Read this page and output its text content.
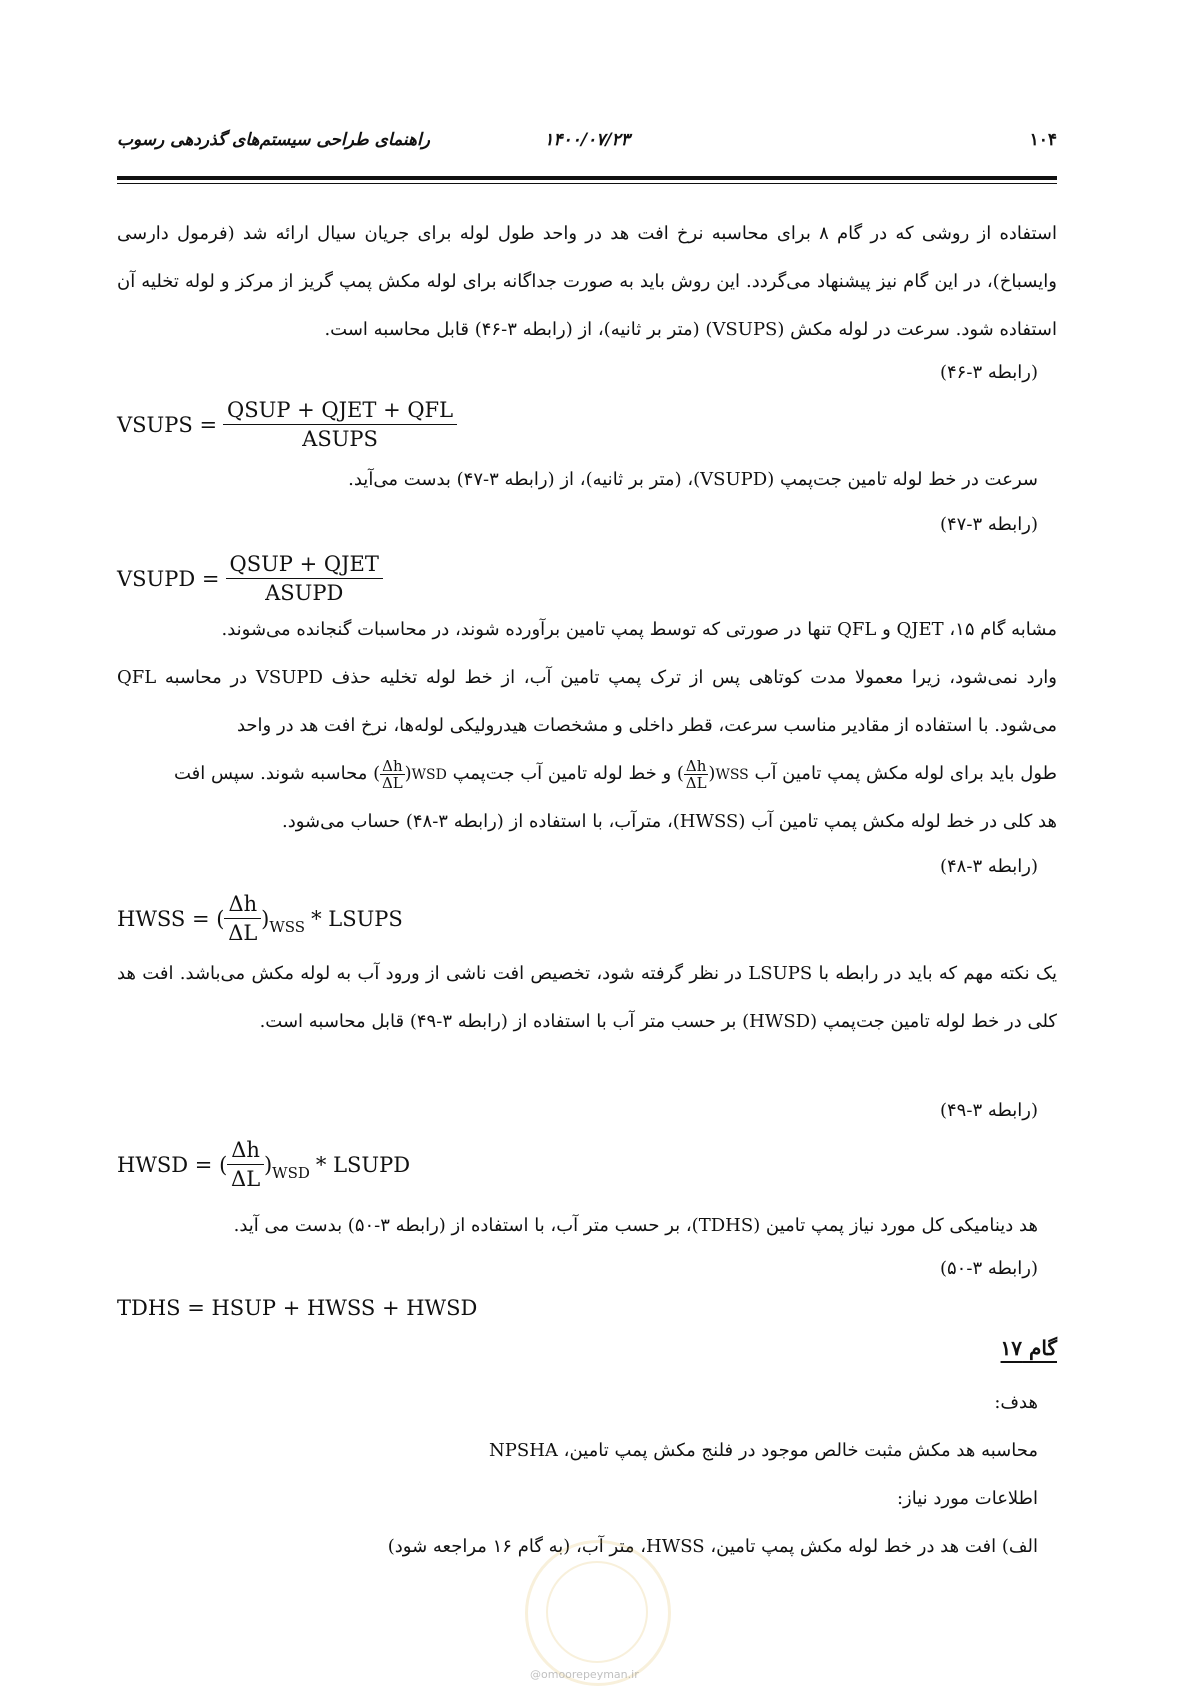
۱۰۴
۱۴۰۰/۰۷/۲۳
راهنمای طراحی سیستم‌های گذردهی رسوب
استفاده از روشی که در گام ۸ برای محاسبه نرخ افت هد در واحد طول لوله برای جریان سیال ارائه شد (فرمول دارسی وایسباخ)، در این گام نیز پیشنهاد می‌گردد. این روش باید به صورت جداگانه برای لوله مکش پمپ گریز از مرکز و لوله تخلیه آن استفاده شود. سرعت در لوله مکش (VSUPS) (متر بر ثانیه)، از (رابطه ۳-۴۶) قابل محاسبه است.
(رابطه ۳-۴۶)
VSUPS = $\frac{\text{QSUP + QJET + QFL}}{\text{ASUPS}}$
سرعت در خط لوله تامین جت‌پمپ (VSUPD)، (متر بر ثانیه)، از (رابطه ۳-۴۷) بدست می‌آید.
(رابطه ۳-۴۷)
VSUPD = $\frac{\text{QSUP + QJET}}{\text{ASUPD}}$
مشابه گام ۱۵، QJET و QFL تنها در صورتی که توسط پمپ تامین برآورده شوند، در محاسبات گنجانده می‌شوند.
QFL در محاسبه VSUPD وارد نمی‌شود، زیرا معمولا مدت کوتاهی پس از ترک پمپ تامین آب، از خط لوله تخلیه حذف می‌شود. با استفاده از مقادیر مناسب سرعت، قطر داخلی و مشخصات هیدرولیکی لوله‌ها، نرخ افت هد در واحد
طول باید برای لوله مکش پمپ تامین آب ( $\frac{\Delta h}{\Delta L} )WSS$ و خط لوله تامین آب جت‌پمپ ( $\frac{\Delta h}{\Delta L} )WSD$ محاسبه شوند. سپس افت
هد کلی در خط لوله مکش پمپ تامین آب (HWSS)، مترآب، با استفاده از (رابطه ۳-۴۸) حساب می‌شود.
(رابطه ۳-۴۸)
HWSS = ( $\frac{\Delta h}{\Delta L}$ ) WSS * LSUPS
یک نکته مهم که باید در رابطه با LSUPS در نظر گرفته شود، تخصیص افت ناشی از ورود آب به لوله مکش می‌باشد. افت هد کلی در خط لوله تامین جت‌پمپ (HWSD) بر حسب متر آب با استفاده از (رابطه ۳-۴۹) قابل محاسبه است.
(رابطه ۳-۴۹)
HWSD = ( $\frac{\Delta h}{\Delta L}$ ) WSD * LSUPD
هد دینامیکی کل مورد نیاز پمپ تامین (TDHS)، بر حسب متر آب، با استفاده از (رابطه ۳-۵۰) بدست می آید.
(رابطه ۳-۵۰)
TDHS = HSUP + HWSS + HWSD
گام ۱۷
هدف:
محاسبه هد مکش مثبت خالص موجود در فلنج مکش پمپ تامین، NPSHA
اطلاعات مورد نیاز:
الف) افت هد در خط لوله مکش پمپ تامین، HWSS، متر آب، (به گام ۱۶ مراجعه شود)
@omoorepeyman.ir
